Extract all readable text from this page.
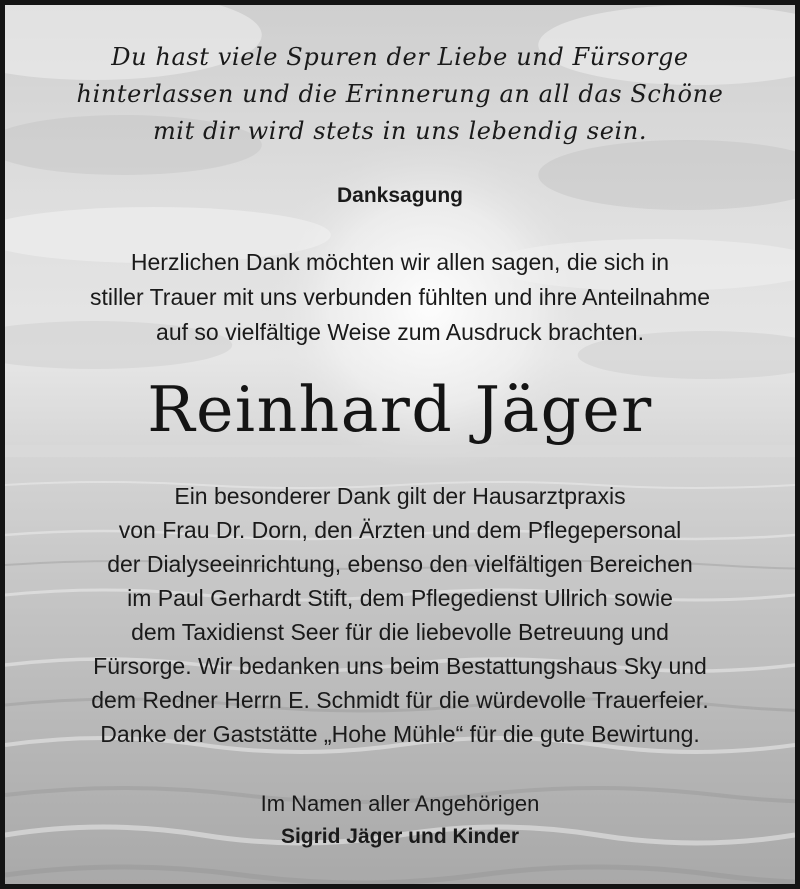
Du hast viele Spuren der Liebe und Fürsorge
hinterlassen und die Erinnerung an all das Schöne
mit dir wird stets in uns lebendig sein.
Danksagung
Herzlichen Dank möchten wir allen sagen, die sich in
stiller Trauer mit uns verbunden fühlten und ihre Anteilnahme
auf so vielfältige Weise zum Ausdruck brachten.
Reinhard Jäger
Ein besonderer Dank gilt der Hausarztpraxis
von Frau Dr. Dorn, den Ärzten und dem Pflegepersonal
der Dialyseeinrichtung, ebenso den vielfältigen Bereichen
im Paul Gerhardt Stift, dem Pflegedienst Ullrich sowie
dem Taxidienst Seer für die liebevolle Betreuung und
Fürsorge. Wir bedanken uns beim Bestattungshaus Sky und
dem Redner Herrn E. Schmidt für die würdevolle Trauerfeier.
Danke der Gaststätte „Hohe Mühle“ für die gute Bewirtung.
Im Namen aller Angehörigen
Sigrid Jäger und Kinder
